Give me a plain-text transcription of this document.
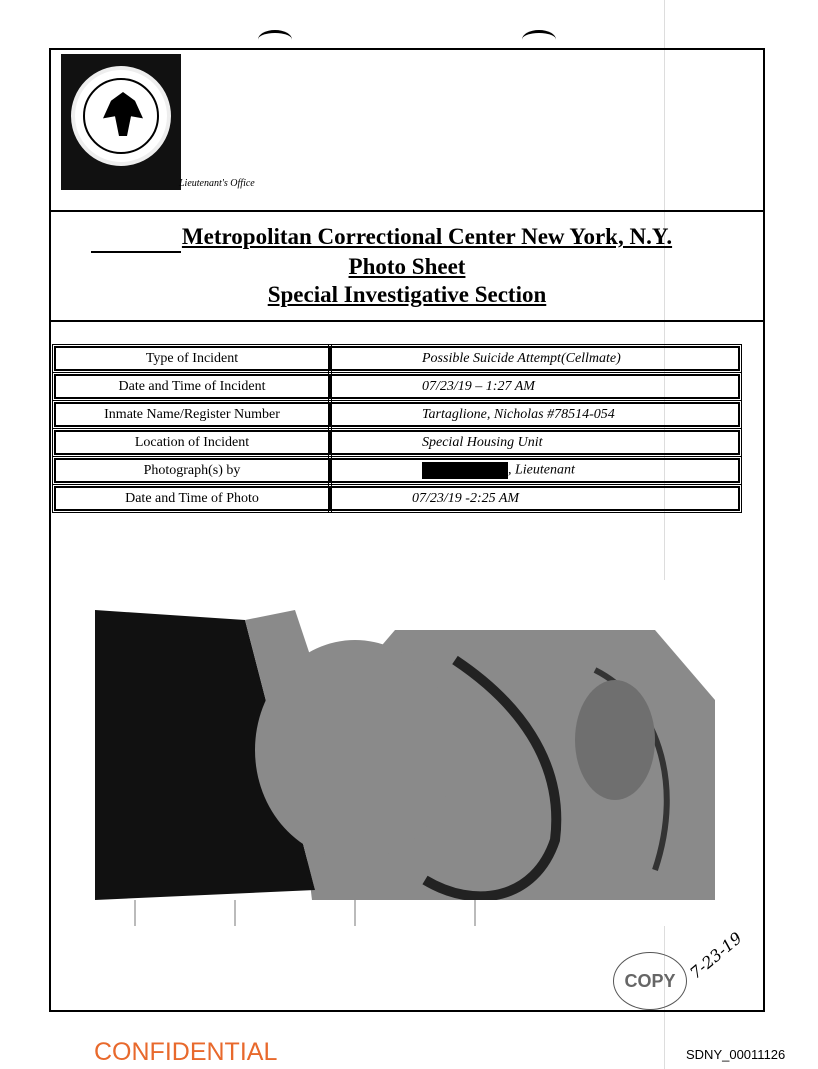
Lieutenant's Office
Metropolitan Correctional Center New York, N.Y.
Photo Sheet
Special Investigative Section
Type of Incident	Possible Suicide Attempt(Cellmate)
Date and Time of Incident	07/23/19 – 1:27 AM
Inmate Name/Register Number	Tartaglione, Nicholas #78514-054
Location of Incident	Special Housing Unit
Photograph(s) by	, Lieutenant
Date and Time of Photo	07/23/19 -2:25 AM
COPY 7-23-19
CONFIDENTIAL	SDNY_00011126
